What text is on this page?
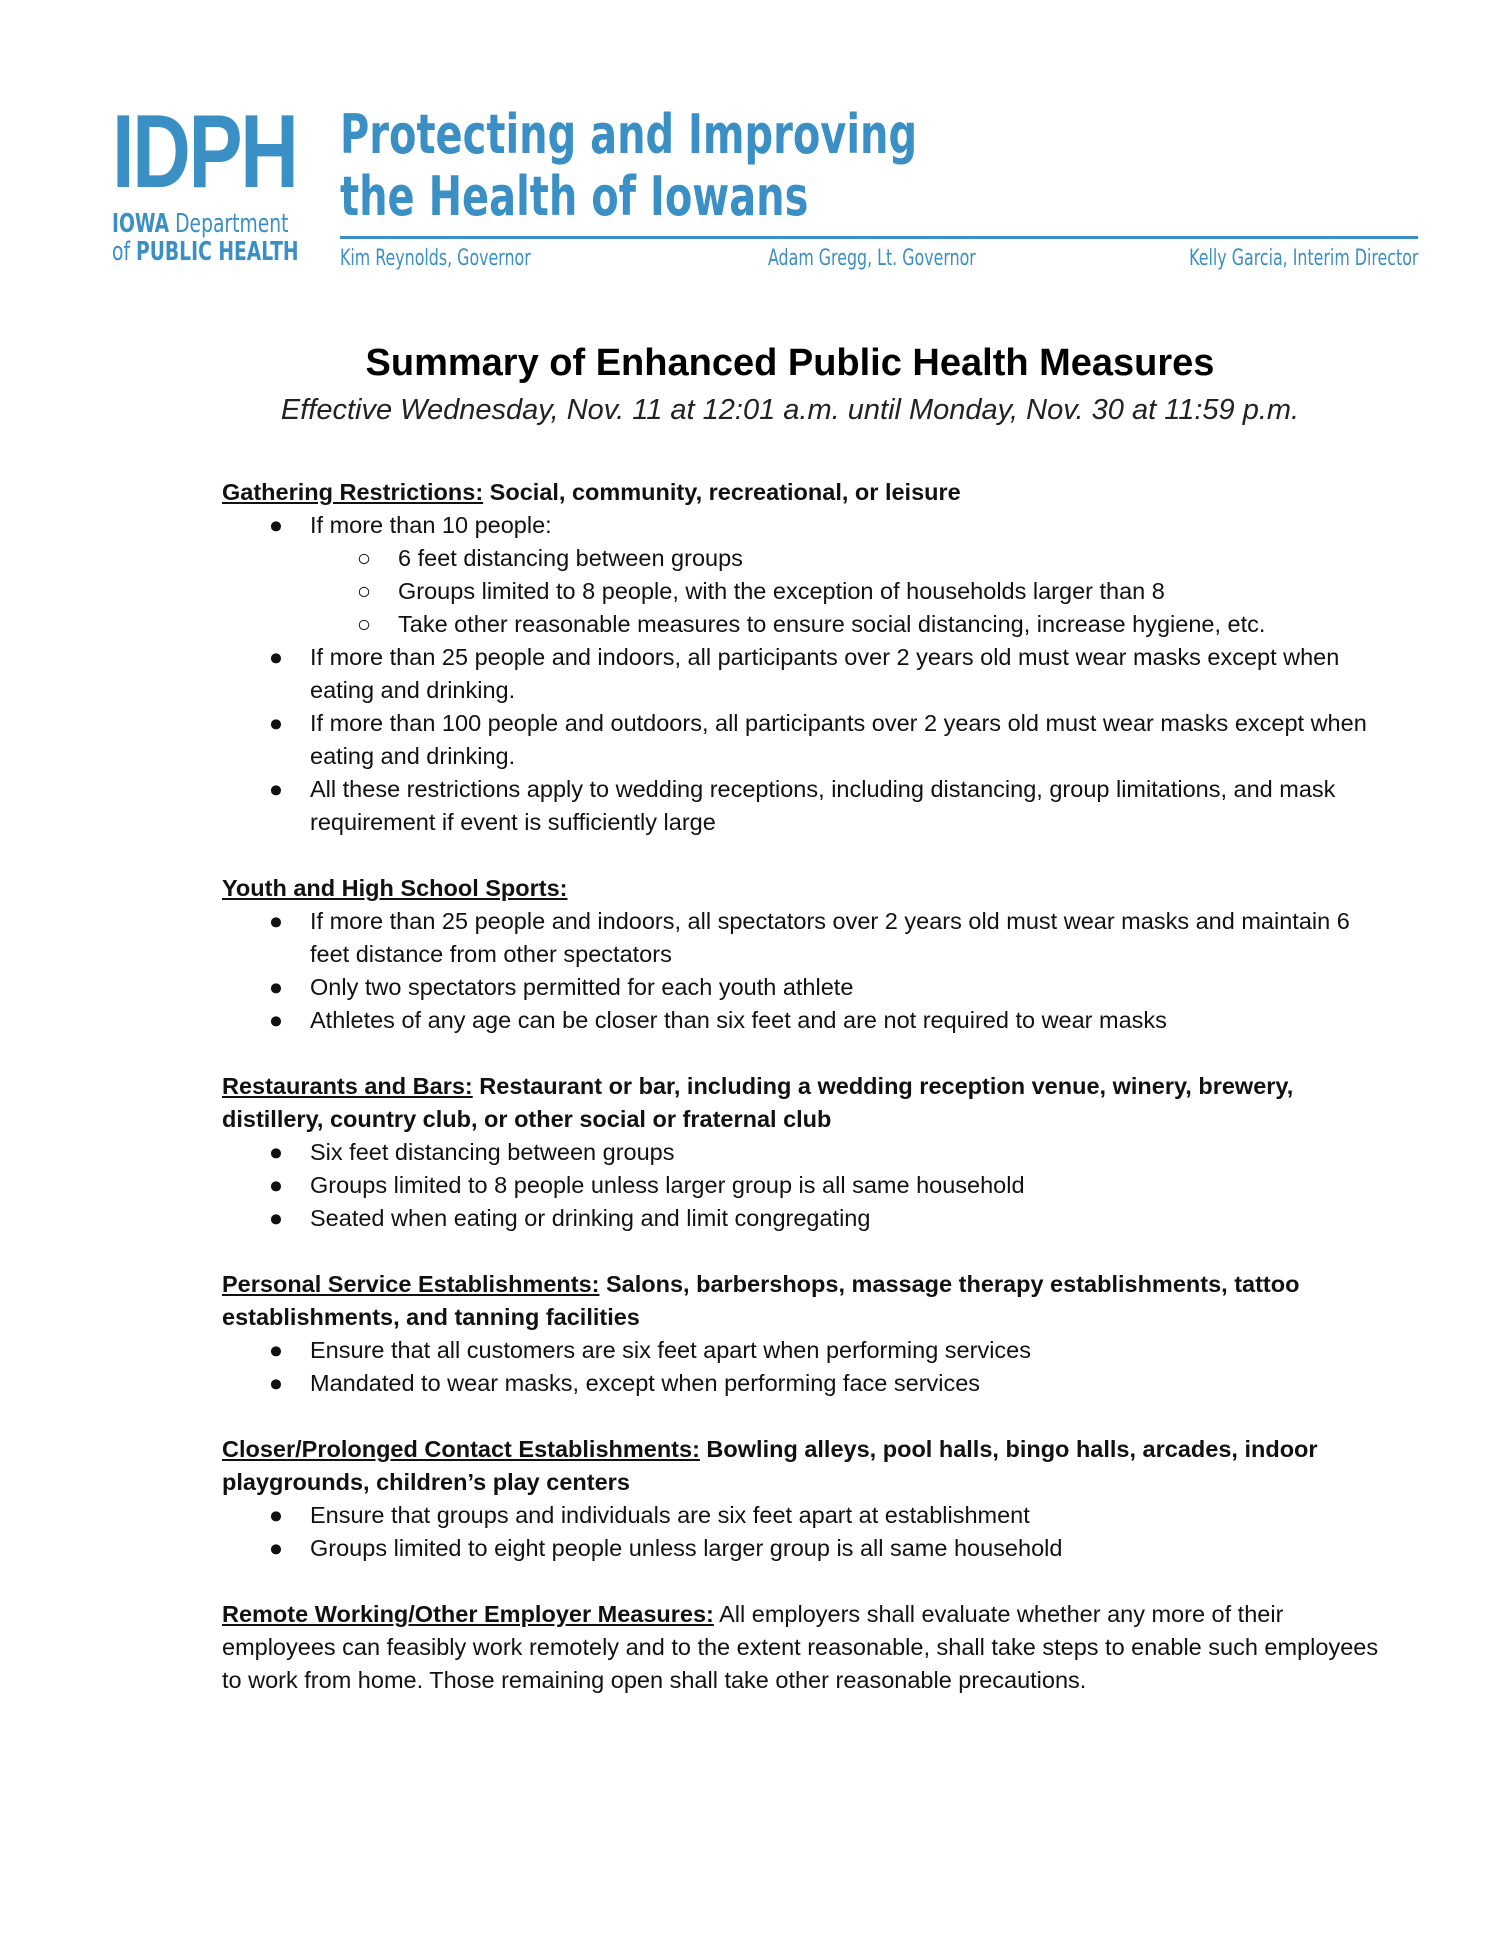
IDPH
IOWA Department
of PUBLIC HEALTH
Protecting and Improving
the Health of Iowans
Kim Reynolds, Governor	Adam Gregg, Lt. Governor	Kelly Garcia, Interim Director
Summary of Enhanced Public Health Measures
Effective Wednesday, Nov. 11 at 12:01 a.m. until Monday, Nov. 30 at 11:59 p.m.

Gathering Restrictions: Social, community, recreational, or leisure

● If more than 10 people:
○ 6 feet distancing between groups
○ Groups limited to 8 people, with the exception of households larger than 8
○ Take other reasonable measures to ensure social distancing, increase hygiene, etc.
● If more than 25 people and indoors, all participants over 2 years old must wear masks except when eating and drinking.
● If more than 100 people and outdoors, all participants over 2 years old must wear masks except when eating and drinking.
● All these restrictions apply to wedding receptions, including distancing, group limitations, and mask requirement if event is sufficiently large

Youth and High School Sports:

● If more than 25 people and indoors, all spectators over 2 years old must wear masks and maintain 6 feet distance from other spectators
● Only two spectators permitted for each youth athlete
● Athletes of any age can be closer than six feet and are not required to wear masks

Restaurants and Bars: Restaurant or bar, including a wedding reception venue, winery, brewery, distillery, country club, or other social or fraternal club

● Six feet distancing between groups
● Groups limited to 8 people unless larger group is all same household
● Seated when eating or drinking and limit congregating

Personal Service Establishments: Salons, barbershops, massage therapy establishments, tattoo establishments, and tanning facilities

● Ensure that all customers are six feet apart when performing services
● Mandated to wear masks, except when performing face services

Closer/Prolonged Contact Establishments: Bowling alleys, pool halls, bingo halls, arcades, indoor playgrounds, children’s play centers

● Ensure that groups and individuals are six feet apart at establishment
● Groups limited to eight people unless larger group is all same household

Remote Working/Other Employer Measures: All employers shall evaluate whether any more of their employees can feasibly work remotely and to the extent reasonable, shall take steps to enable such employees to work from home. Those remaining open shall take other reasonable precautions.
